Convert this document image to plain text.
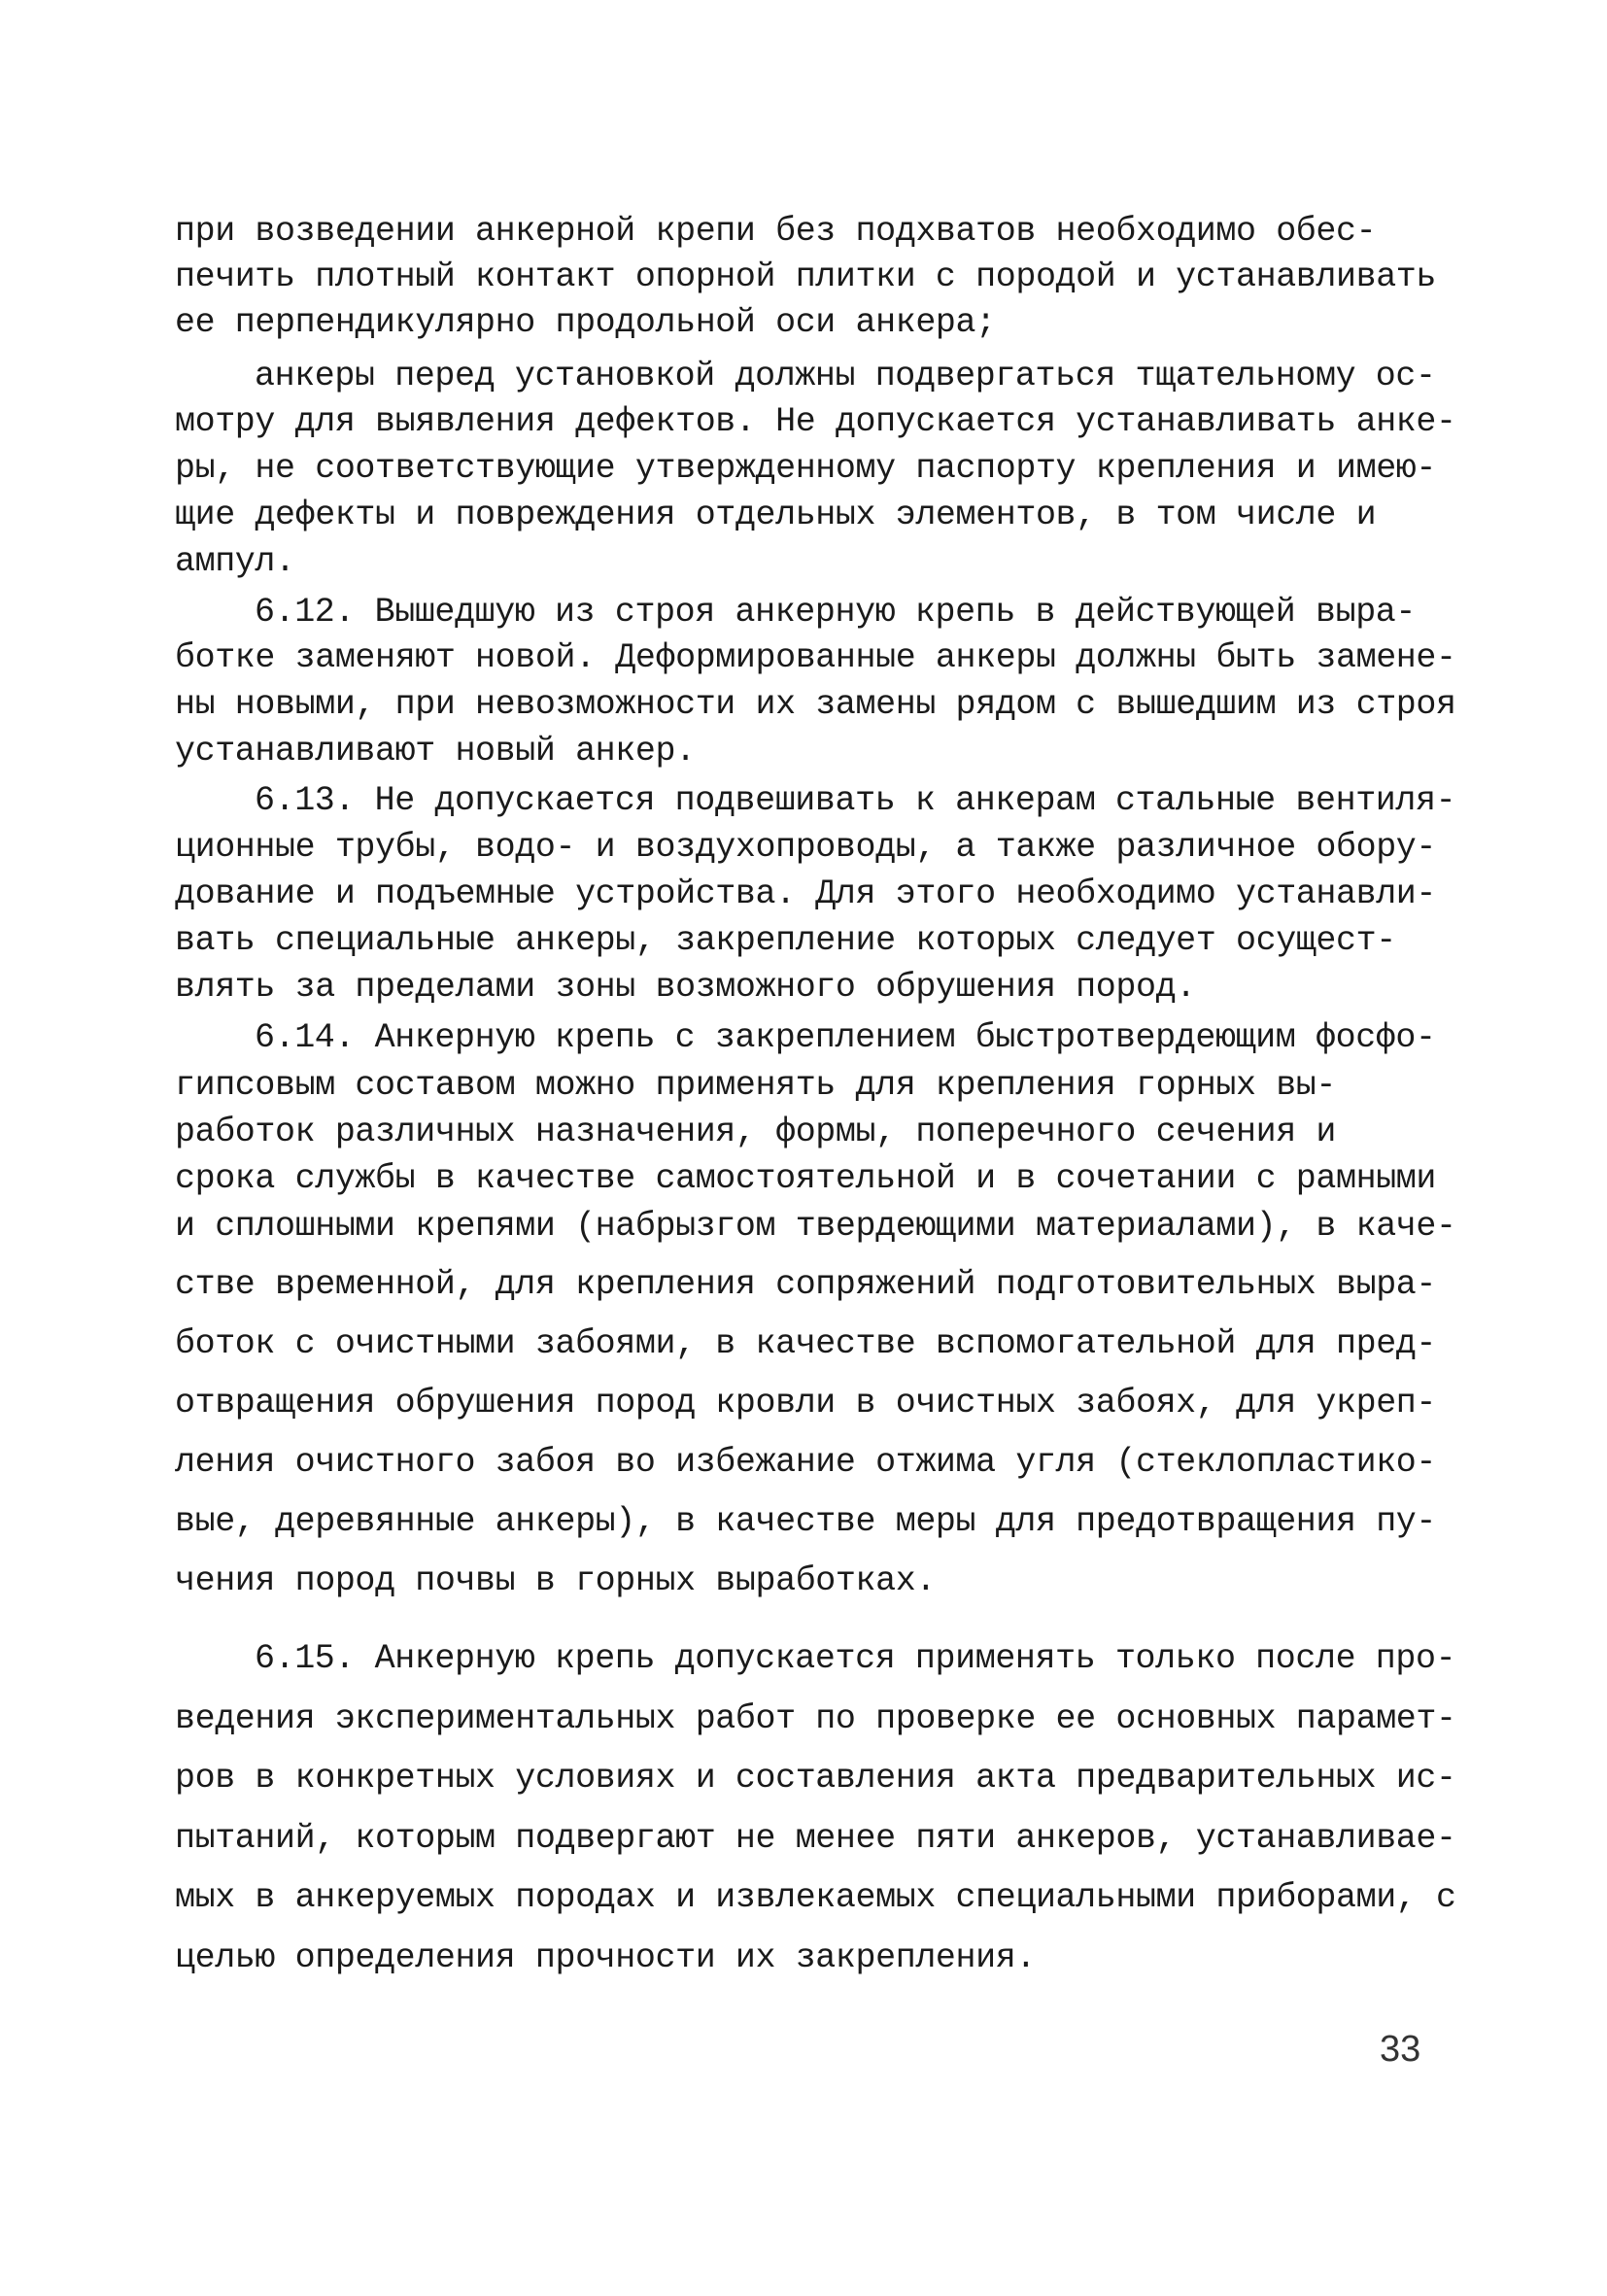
при возведении анкерной крепи без подхватов необходимо обес-
печить плотный контакт опорной плитки с породой и устанавливать
ее перпендикулярно продольной оси анкера;
анкеры перед установкой должны подвергаться тщательному ос-
мотру для выявления дефектов. Не допускается устанавливать анке-
ры, не соответствующие утвержденному паспорту крепления и имею-
щие дефекты и повреждения отдельных элементов, в том числе и
ампул.
6.12. Вышедшую из строя анкерную крепь в действующей выра-
ботке заменяют новой. Деформированные анкеры должны быть замене-
ны новыми, при невозможности их замены рядом с вышедшим из строя
устанавливают новый анкер.
6.13. Не допускается подвешивать к анкерам стальные вентиля-
ционные трубы, водо- и воздухопроводы, а также различное обору-
дование и подъемные устройства. Для этого необходимо устанавли-
вать специальные анкеры, закрепление которых следует осущест-
влять за пределами зоны возможного обрушения пород.
6.14. Анкерную крепь с закреплением быстротвердеющим фосфо-
гипсовым составом можно применять для крепления горных вы-
работок различных назначения, формы, поперечного сечения и
срока службы в качестве самостоятельной и в сочетании с рамными
и сплошными крепями (набрызгом твердеющими материалами), в каче-
стве временной, для крепления сопряжений подготовительных выра-
боток с очистными забоями, в качестве вспомогательной для пред-
отвращения обрушения пород кровли в очистных забоях, для укреп-
ления очистного забоя во избежание отжима угля (стеклопластико-
вые, деревянные анкеры), в качестве меры для предотвращения пу-
чения пород почвы в горных выработках.
6.15. Анкерную крепь допускается применять только после про-
ведения экспериментальных работ по проверке ее основных парамет-
ров в конкретных условиях и составления акта предварительных ис-
пытаний, которым подвергают не менее пяти анкеров, устанавливае-
мых в анкеруемых породах и извлекаемых специальными приборами, с
целью определения прочности их закрепления.
33
